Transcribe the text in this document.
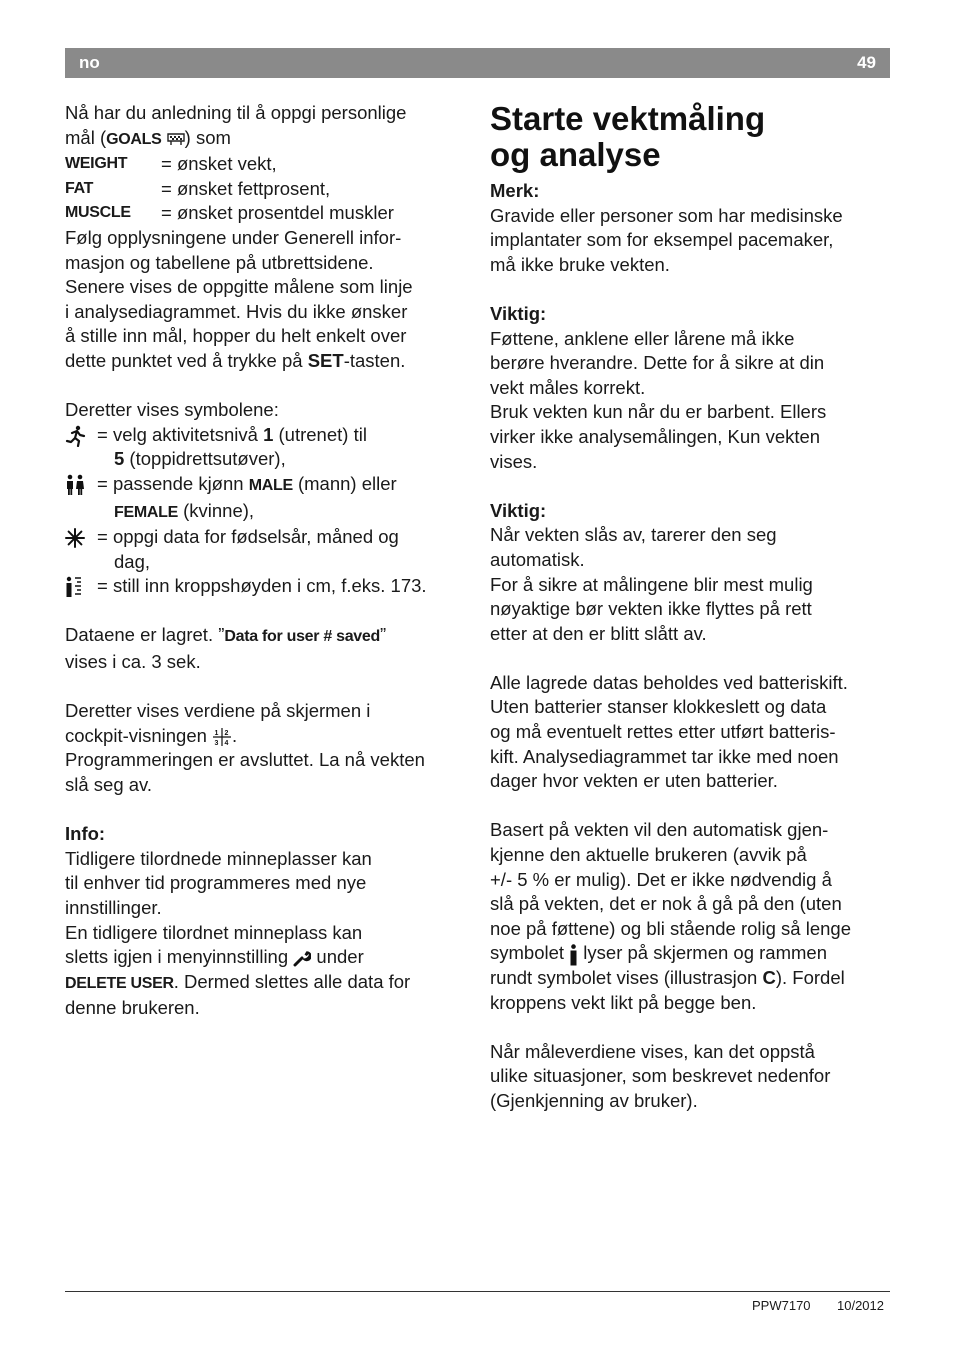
no	49

Nå har du anledning til å oppgi personlige

mål (GOALS ) som

WEIGHT	= ønsket vekt,
FAT	= ønsket fettprosent,
MUSCLE	= ønsket prosentdel muskler

Følg opplysningene under Generell infor-

masjon og tabellene på utbrettsidene.

Senere vises de oppgitte målene som linje

i analysediagrammet. Hvis du ikke ønsker

å stille inn mål, hopper du helt enkelt over

dette punktet ved å trykke på SET-tasten.

Deretter vises symbolene:

= velg aktivitetsnivå 1 (utrenet) til
5 (toppidrettsutøver),
= passende kjønn MALE (mann) eller
FEMALE (kvinne),
= oppgi data for fødselsår, måned og
dag,
= still inn kroppshøyden i cm, f.eks. 173.

Dataene er lagret. ”Data for user # saved”

vises i ca. 3 sek.

Deretter vises verdiene på skjermen i

cockpit-visningen 1 2
3 4 .

Programmeringen er avsluttet. La nå vekten

slå seg av.

Info:

Tidligere tilordnede minneplasser kan

til enhver tid programmeres med nye

innstillinger.

En tidligere tilordnet minneplass kan

sletts igjen i menyinnstilling  under

DELETE USER. Dermed slettes alle data for

denne brukeren.

Starte vektmåling
og analyse

Merk:

Gravide eller personer som har medisinske

implantater som for eksempel pacemaker,

må ikke bruke vekten.

Viktig:

Føttene, anklene eller lårene må ikke

berøre hverandre. Dette for å sikre at din

vekt måles korrekt.

Bruk vekten kun når du er barbent. Ellers

virker ikke analysemålingen, Kun vekten

vises.

Viktig:

Når vekten slås av, tarerer den seg

automatisk.

For å sikre at målingene blir mest mulig

nøyaktige bør vekten ikke flyttes på rett

etter at den er blitt slått av.

Alle lagrede datas beholdes ved batteriskift.

Uten batterier stanser klokkeslett og data

og må eventuelt rettes etter utført batteris-

kift. Analysediagrammet tar ikke med noen

dager hvor vekten er uten batterier.

Basert på vekten vil den automatisk gjen-

kjenne den aktuelle brukeren (avvik på

+/- 5 % er mulig). Det er ikke nødvendig å

slå på vekten, det er nok å gå på den (uten

noe på føttene) og bli stående rolig så lenge

symbolet  lyser på skjermen og rammen

rundt symbolet vises (illustrasjon C). Fordel

kroppens vekt likt på begge ben.

Når måleverdiene vises, kan det oppstå

ulike situasjoner, som beskrevet nedenfor

(Gjenkjenning av bruker).

PPW7170 10/2012
